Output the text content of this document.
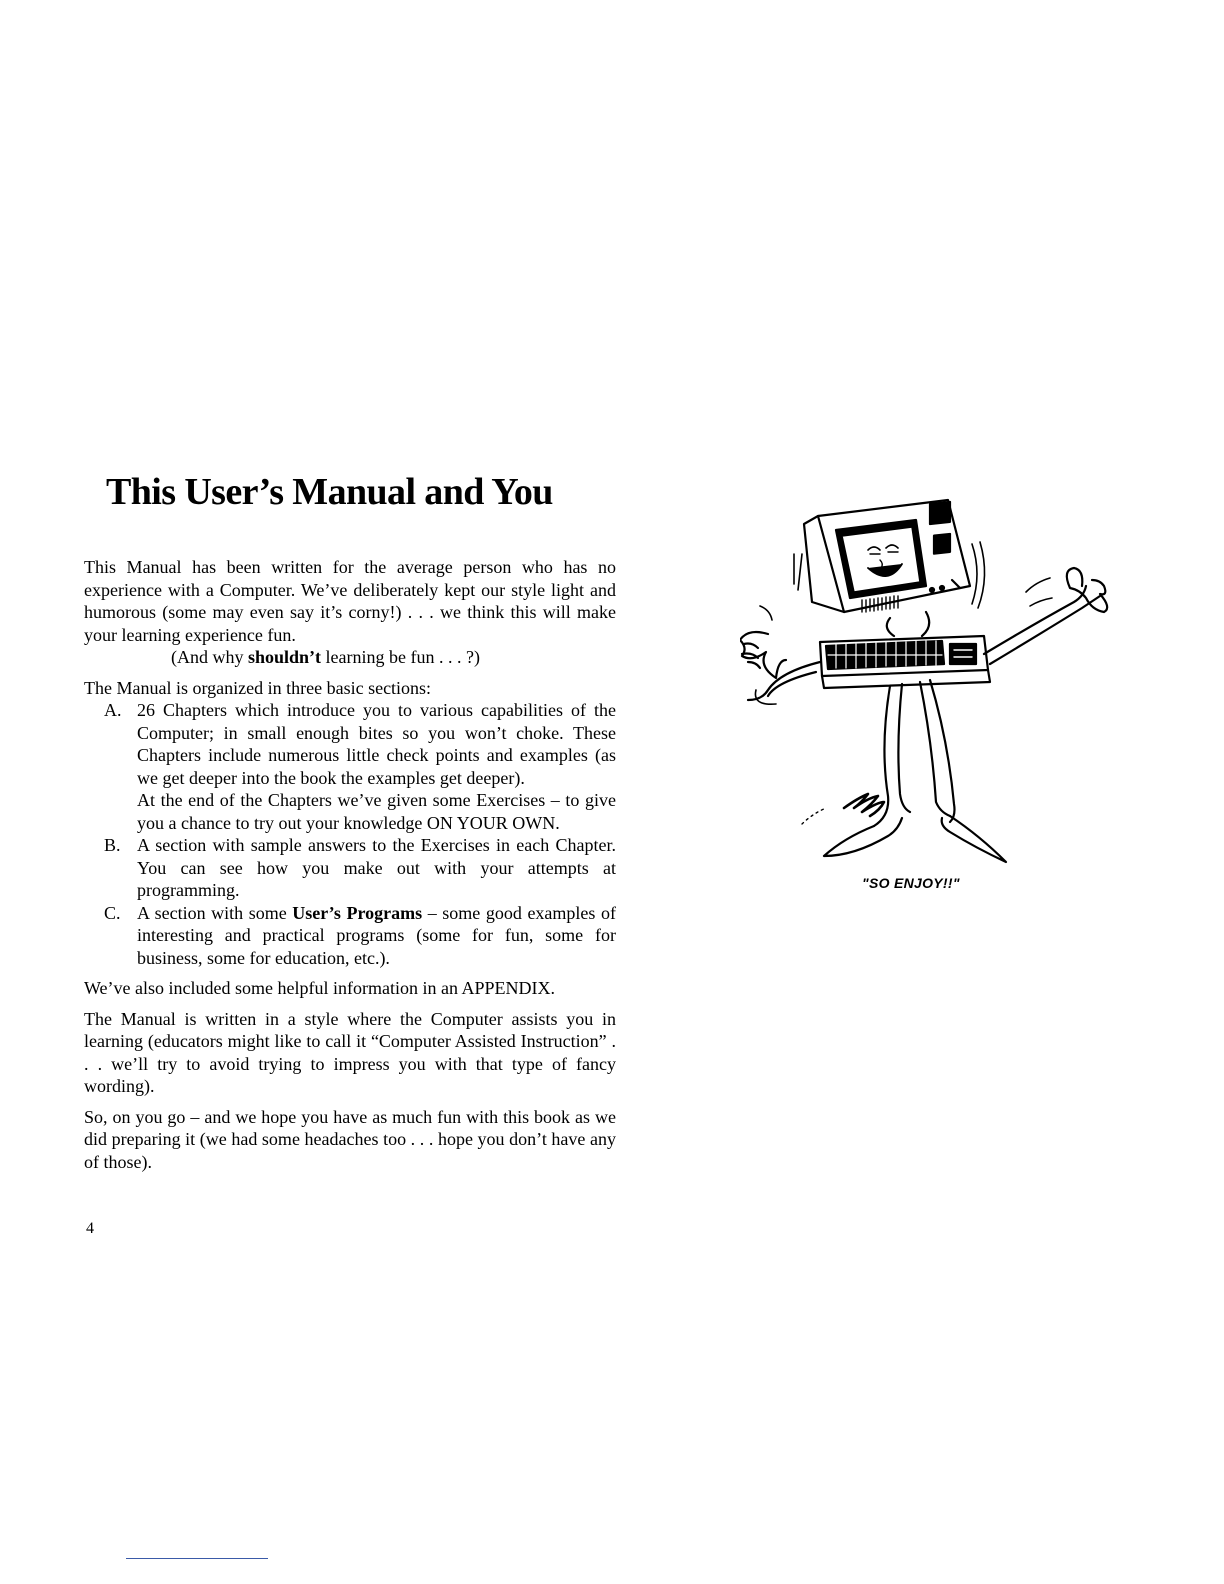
This User’s Manual and You

This Manual has been written for the average person who has no experience with a Computer. We’ve deliberately kept our style light and humorous (some may even say it’s corny!) . . . we think this will make your learning experience fun.

(And why shouldn’t learning be fun . . . ?)

The Manual is organized in three basic sections:

A. 26 Chapters which introduce you to various capabilities of the Computer; in small enough bites so you won’t choke. These Chapters include numerous little check points and examples (as we get deeper into the book the examples get deeper).

At the end of the Chapters we’ve given some Exercises – to give you a chance to try out your knowledge ON YOUR OWN.

B. A section with sample answers to the Exercises in each Chapter. You can see how you make out with your attempts at programming.

C. A section with some User’s Programs – some good examples of interesting and practical programs (some for fun, some for business, some for education, etc.).

We’ve also included some helpful information in an APPENDIX.

The Manual is written in a style where the Computer assists you in learning (educators might like to call it “Computer Assisted Instruction” . . . we’ll try to avoid trying to impress you with that type of fancy wording).

So, on you go – and we hope you have as much fun with this book as we did preparing it (we had some headaches too . . . hope you don’t have any of those).

4
"SO ENJOY!!"
